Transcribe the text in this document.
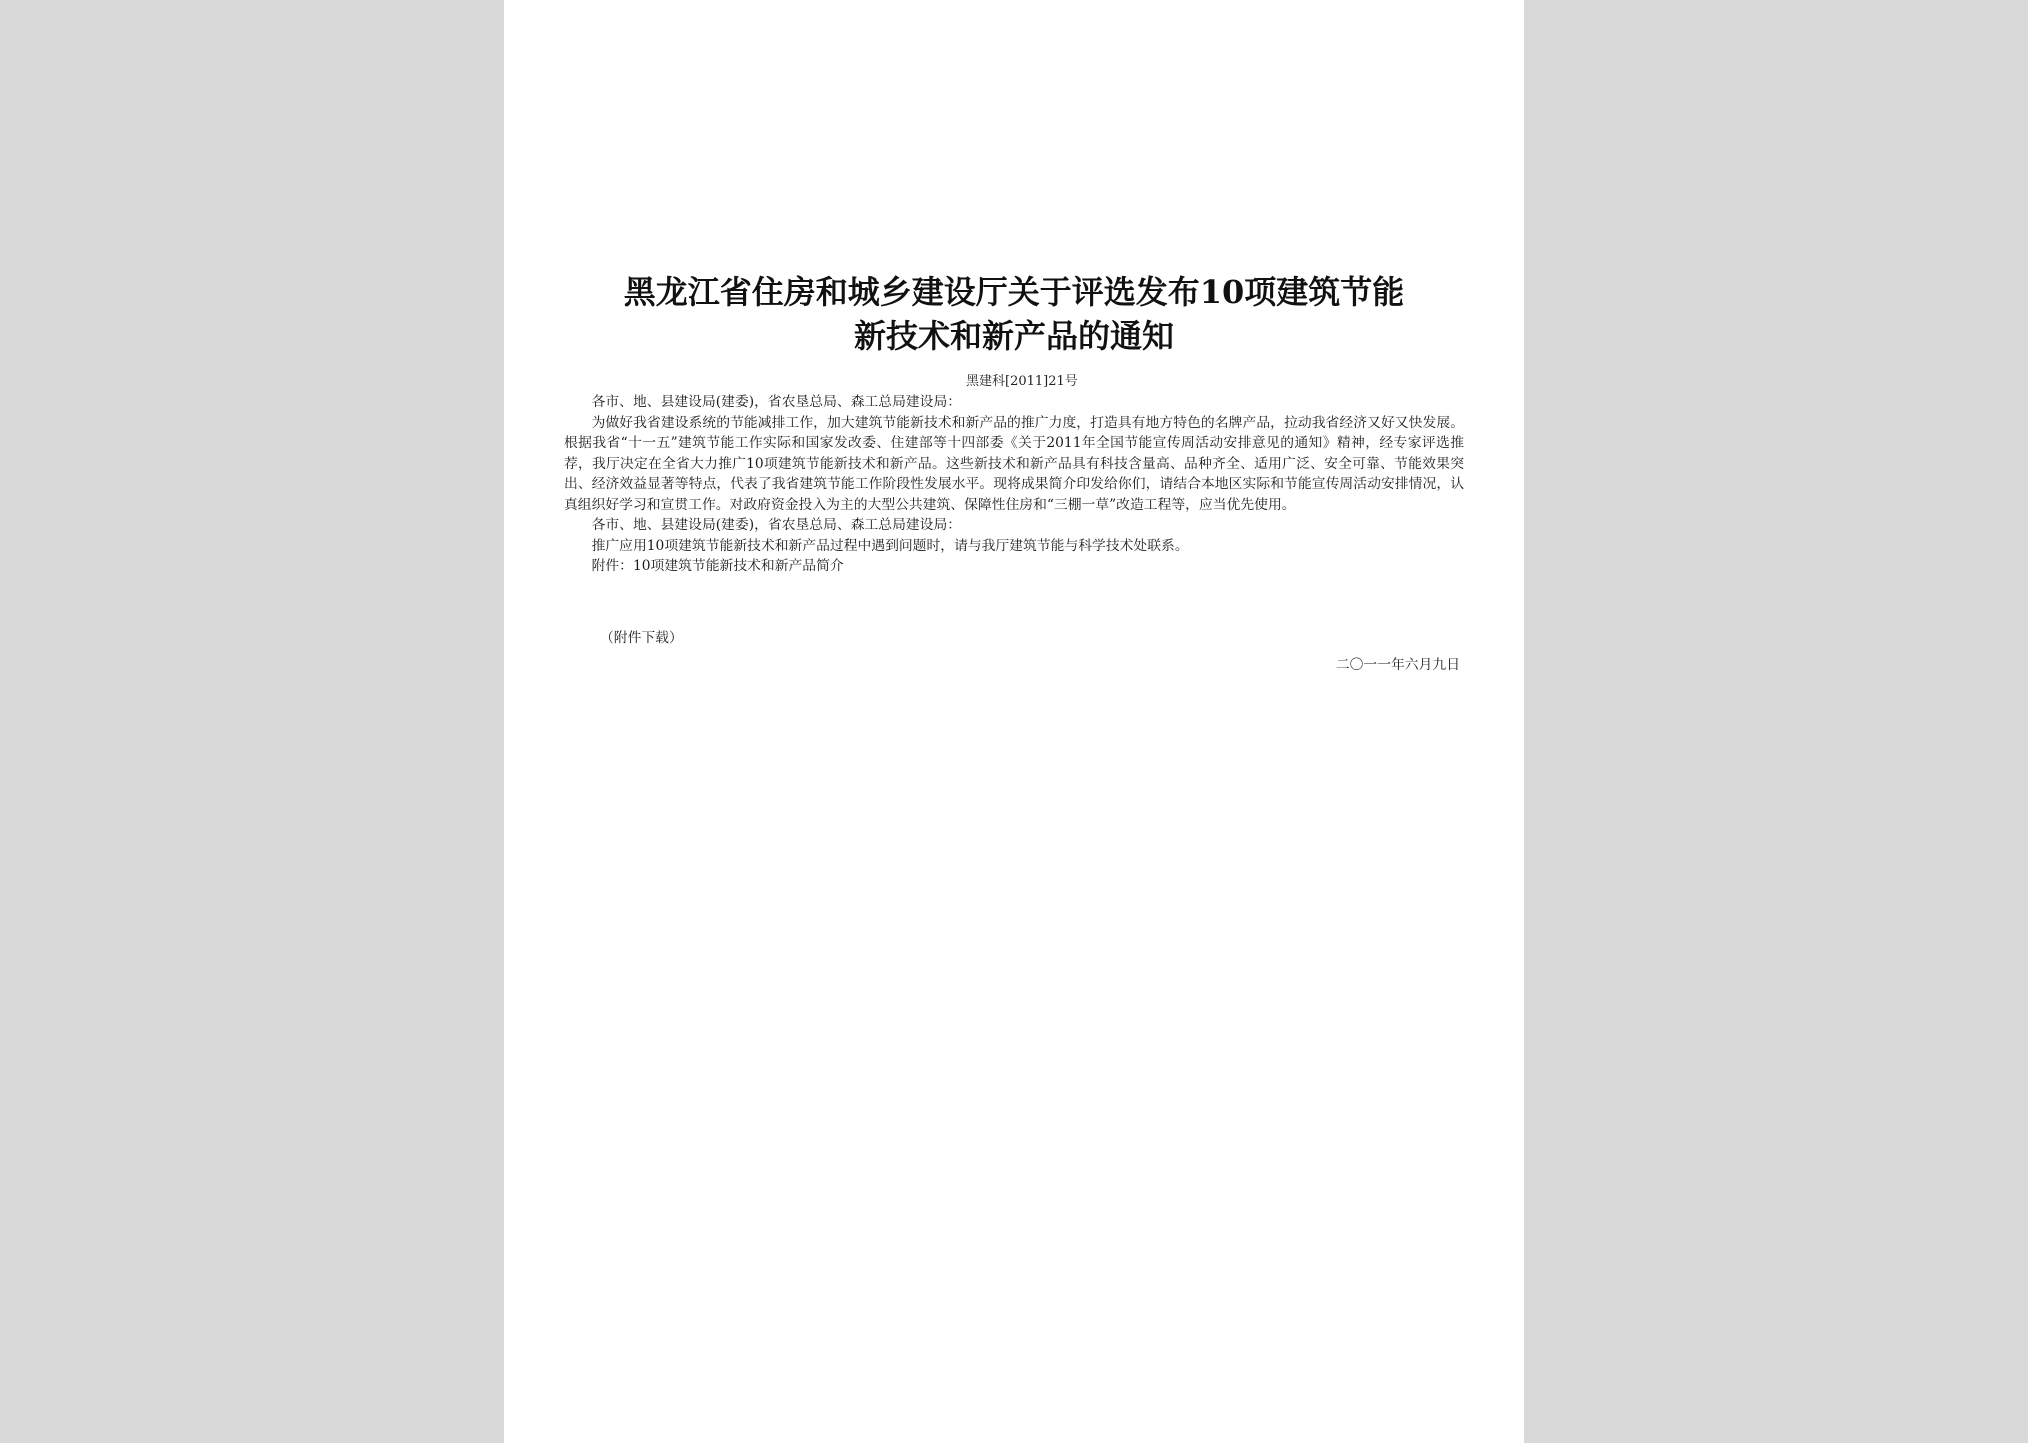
黑龙江省住房和城乡建设厅关于评选发布10项建筑节能
新技术和新产品的通知
黑建科[2011]21号

各市、地、县建设局(建委)，省农垦总局、森工总局建设局：

为做好我省建设系统的节能减排工作，加大建筑节能新技术和新产品的推广力度，打造具有地方特色的名牌产品，拉动我省经济又好又快发展。根据我省“十一五”建筑节能工作实际和国家发改委、住建部等十四部委《关于2011年全国节能宣传周活动安排意见的通知》精神，经专家评选推荐，我厅决定在全省大力推广10项建筑节能新技术和新产品。这些新技术和新产品具有科技含量高、品种齐全、适用广泛、安全可靠、节能效果突出、经济效益显著等特点，代表了我省建筑节能工作阶段性发展水平。现将成果简介印发给你们，请结合本地区实际和节能宣传周活动安排情况，认真组织好学习和宣贯工作。对政府资金投入为主的大型公共建筑、保障性住房和“三棚一草”改造工程等，应当优先使用。

各市、地、县建设局(建委)，省农垦总局、森工总局建设局：

推广应用10项建筑节能新技术和新产品过程中遇到问题时，请与我厅建筑节能与科学技术处联系。

附件：10项建筑节能新技术和新产品简介

（附件下载）
二〇一一年六月九日
